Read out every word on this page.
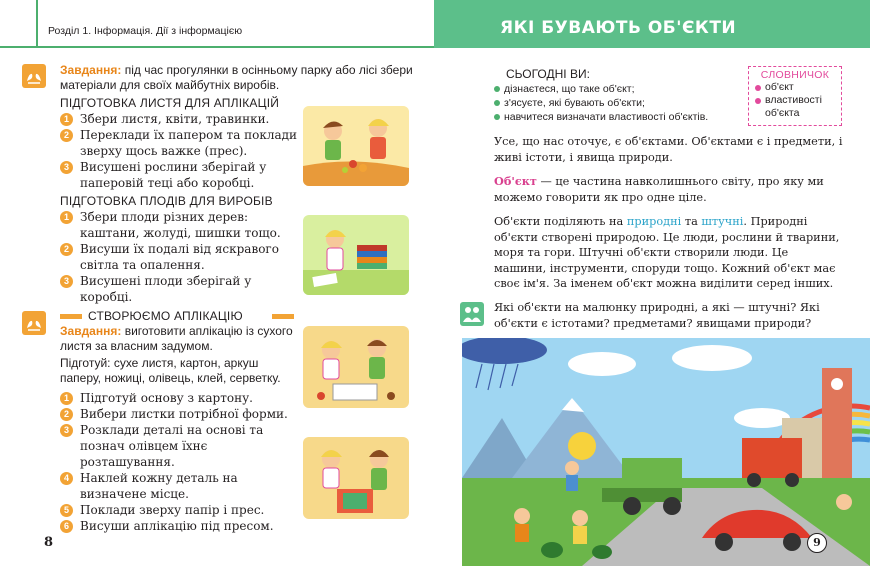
Розділ 1. Інформація. Дії з інформацією
Завдання: під час прогулянки в осінньому парку або лісі збери матеріали для своїх майбутніх виробів.
ПІДГОТОВКА ЛИСТЯ ДЛЯ АПЛІКАЦІЙ
1 Збери листя, квіти, травинки.
2 Переклади їх папером та поклади зверху щось важке (прес).
3 Висушені рослини зберігай у паперовій теці або коробці.
ПІДГОТОВКА ПЛОДІВ ДЛЯ ВИРОБІВ
1 Збери плоди різних дерев: каштани, жолуді, шишки тощо.
2 Висуши їх подалі від яскравого світла та опалення.
3 Висушені плоди зберігай у коробці.
СТВОРЮЄМО АПЛІКАЦІЮ
Завдання: виготовити аплікацію із сухого листя за власним задумом.
Підготуй: сухе листя, картон, аркуш паперу, ножиці, олівець, клей, серветку.
1 Підготуй основу з картону.
2 Вибери листки потрібної форми.
3 Розклади деталі на основі та познач олівцем їхнє розташування.
4 Наклей кожну деталь на визначене місце.
5 Поклади зверху папір і прес.
6 Висуши аплікацію під пресом.
8
ЯКІ БУВАЮТЬ ОБ'ЄКТИ
СЬОГОДНІ ВИ:
дізнаєтеся, що таке об'єкт;
з'ясуєте, які бувають об'єкти;
навчитеся визначати властивості об'єктів.
СЛОВНИЧОК
об'єкт
властивості об'єкта
Усе, що нас оточує, є об'єктами. Об'єктами є і предмети, і живі істоти, і явища природи.
Об'єкт — це частина навколишнього світу, про яку ми можемо говорити як про одне ціле.
Об'єкти поділяють на природні та штучні. Природні об'єкти створені природою. Це люди, рослини й тварини, моря та гори. Штучні об'єкти створили люди. Це машини, інструменти, споруди тощо. Кожний об'єкт має своє ім'я. За іменем об'єкт можна виділити серед інших.
Які об'єкти на малюнку природні, а які — штучні? Які об'єкти є істотами? предметами? явищами природи?
9
